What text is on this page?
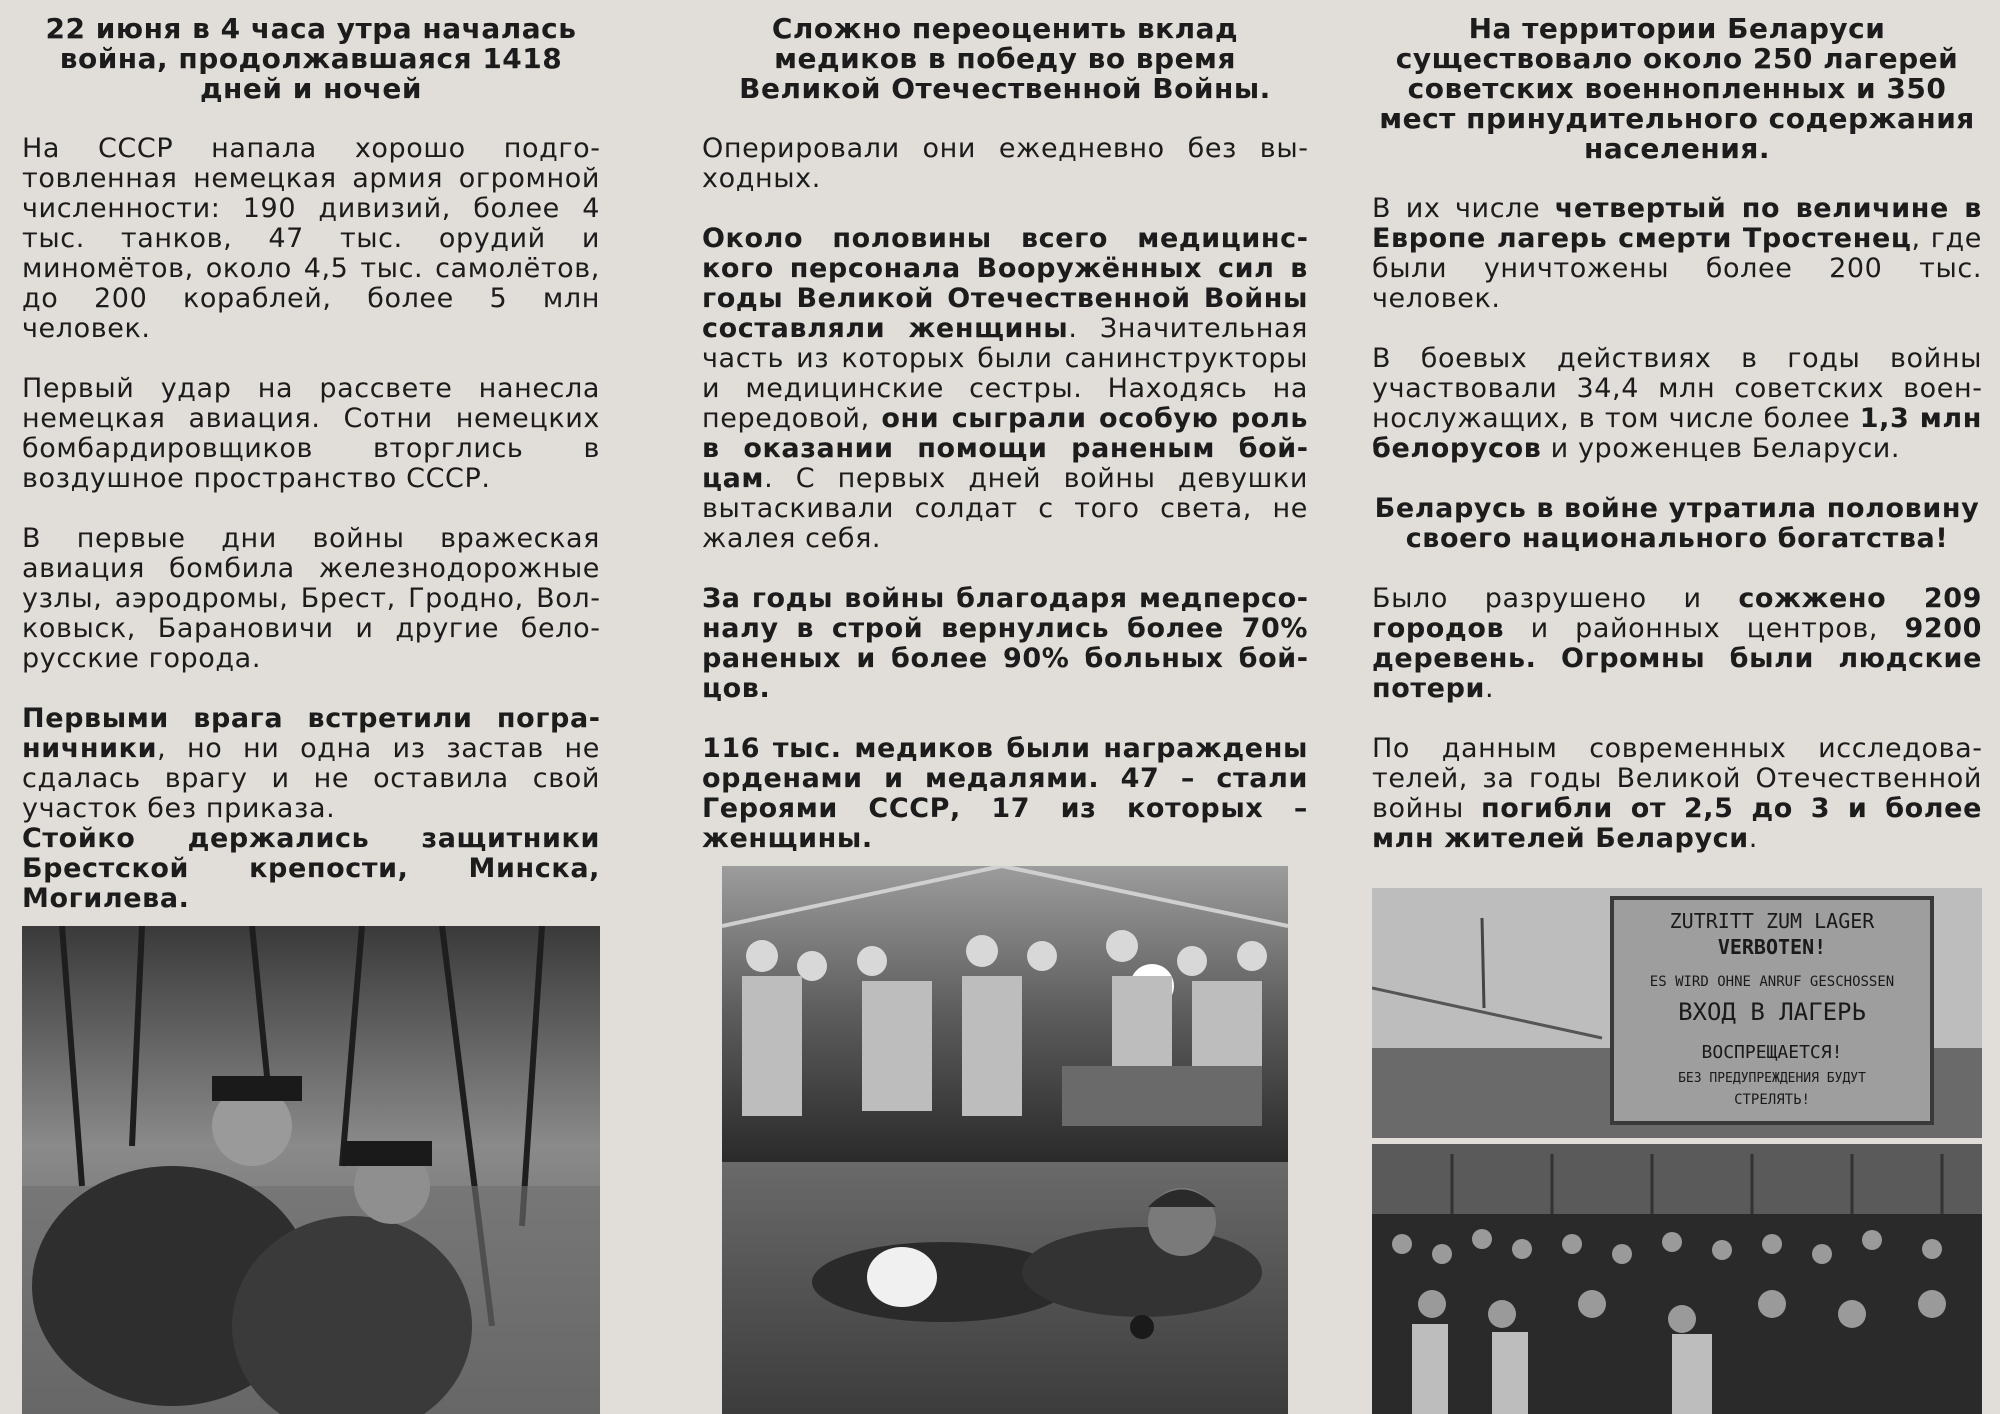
22 июня в 4 часа утра началась война, продолжавшаяся 1418 дней и ночей

На СССР напала хорошо подготовленная немецкая армия огромной численности: 190 дивизий, более 4 тыс. танков, 47 тыс. орудий и миномётов, около 4,5 тыс. самолётов, до 200 кораблей, более 5 млн человек.

Первый удар на рассвете нанесла немецкая авиация. Сотни немецких бомбардировщиков вторглись в воздушное пространство СССР.

В первые дни войны вражеская авиация бомбила железнодорожные узлы, аэродромы, Брест, Гродно, Волковыск, Барановичи и другие белорусские города.

Первыми врага встретили пограничники, но ни одна из застав не сдалась врагу и не оставила свой участок без приказа.

Стойко держались защитники Брестской крепости, Минска, Могилева.

Сложно переоценить вклад медиков в победу во время Великой Отечественной Войны.

Оперировали они ежедневно без выходных.

Около половины всего медицинского персонала Вооружённых сил в годы Великой Отечественной Войны составляли женщины. Значительная часть из которых были санинструкторы и медицинские сестры. Находясь на передовой, они сыграли особую роль в оказании помощи раненым бойцам. С первых дней войны девушки вытаскивали солдат с того света, не жалея себя.

За годы войны благодаря медперсоналу в строй вернулись более 70% раненых и более 90% больных бойцов.

116 тыс. медиков были награждены орденами и медалями. 47 – стали Героями СССР, 17 из которых – женщины.

На территории Беларуси существовало около 250 лагерей советских военнопленных и 350 мест принудительного содержания населения.

В их числе четвертый по величине в Европе лагерь смерти Тростенец, где были уничтожены более 200 тыс. человек.

В боевых действиях в годы войны участвовали 34,4 млн советских военнослужащих, в том числе более 1,3 млн белорусов и уроженцев Беларуси.

Беларусь в войне утратила половину своего национального богатства!

Было разрушено и сожжено 209 городов и районных центров, 9200 деревень. Огромны были людские потери.

По данным современных исследователей, за годы Великой Отечественной войны погибли от 2,5 до 3 и более млн жителей Беларуси.

ZUTRITT ZUM LAGER
VERBOTEN!
ES WIRD OHNE ANRUF GESCHOSSEN
ВХОД В ЛАГЕРЬ
ВОСПРЕЩАЕТСЯ!
БЕЗ ПРЕДУПРЕЖДЕНИЯ БУДУТ
СТРЕЛЯТЬ!
